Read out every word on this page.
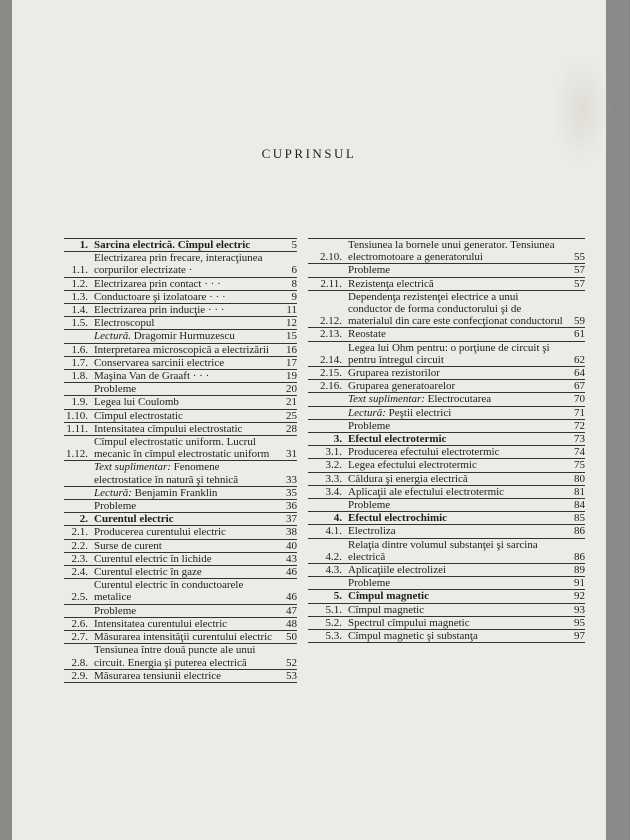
CUPRINSUL
1. Sarcina electrică. Cîmpul electric	5
1.1.
Electrizarea prin frecare, interacţiunea corpurilor electrizate ·	6
1.2. Electrizarea prin contact · · ·	8
1.3. Conductoare şi izolatoare · · ·	9
1.4. Electrizarea prin inducţie · · ·	11
1.5. Electroscopul	12
Lectură. Dragomir Hurmuzescu	15
1.6. Interpretarea microscopică a electrizării	16
1.7. Conservarea sarcinii electrice	17
1.8. Maşina Van de Graaft · · ·	19
Probleme	20
1.9. Legea lui Coulomb	21
1.10. Cîmpul electrostatic	25
1.11. Intensitatea cîmpului electrostatic	28
1.12.
Cîmpul electrostatic uniform. Lucrul mecanic în cîmpul electrostatic uniform	31
Text suplimentar: Fenomene electrostatice în natură şi tehnică	33
Lectură: Benjamin Franklin	35
Probleme	36
2. Curentul electric	37
2.1. Producerea curentului electric	38
2.2. Surse de curent	40
2.3. Curentul electric în lichide	43
2.4. Curentul electric în gaze	46
2.5.
Curentul electric în conductoarele metalice	46
Probleme	47
2.6. Intensitatea curentului electric	48
2.7. Măsurarea intensităţii curentului electric	50
2.8.
Tensiunea între două puncte ale unui circuit. Energia şi puterea electrică	52
2.9. Măsurarea tensiunii electrice	53
2.10.
Tensiunea la bornele unui generator. Tensiunea electromotoare a generatorului	55
Probleme	57
2.11. Rezistenţa electrică	57
2.12.
Dependenţa rezistenţei electrice a unui conductor de forma conductorului şi de materialul din care este confecţionat conductorul	59
2.13. Reostate	61
2.14.
Legea lui Ohm pentru: o porţiune de circuit şi pentru întregul circuit	62
2.15. Gruparea rezistorilor	64
2.16. Gruparea generatoarelor	67
Text suplimentar: Electrocutarea	70
Lectură: Peştii electrici	71
Probleme	72
3. Efectul electrotermic	73
3.1. Producerea efectului electrotermic	74
3.2. Legea efectului electrotermic	75
3.3. Căldura şi energia electrică	80
3.4. Aplicaţii ale efectului electrotermic	81
Probleme	84
4. Efectul electrochimic	85
4.1. Electroliza	86
4.2.
Relaţia dintre volumul substanţei şi sarcina electrică	86
4.3. Aplicaţiile electrolizei	89
Probleme	91
5. Cîmpul magnetic	92
5.1. Cîmpul magnetic	93
5.2. Spectrul cîmpului magnetic	95
5.3. Cîmpul magnetic şi substanţa	97
